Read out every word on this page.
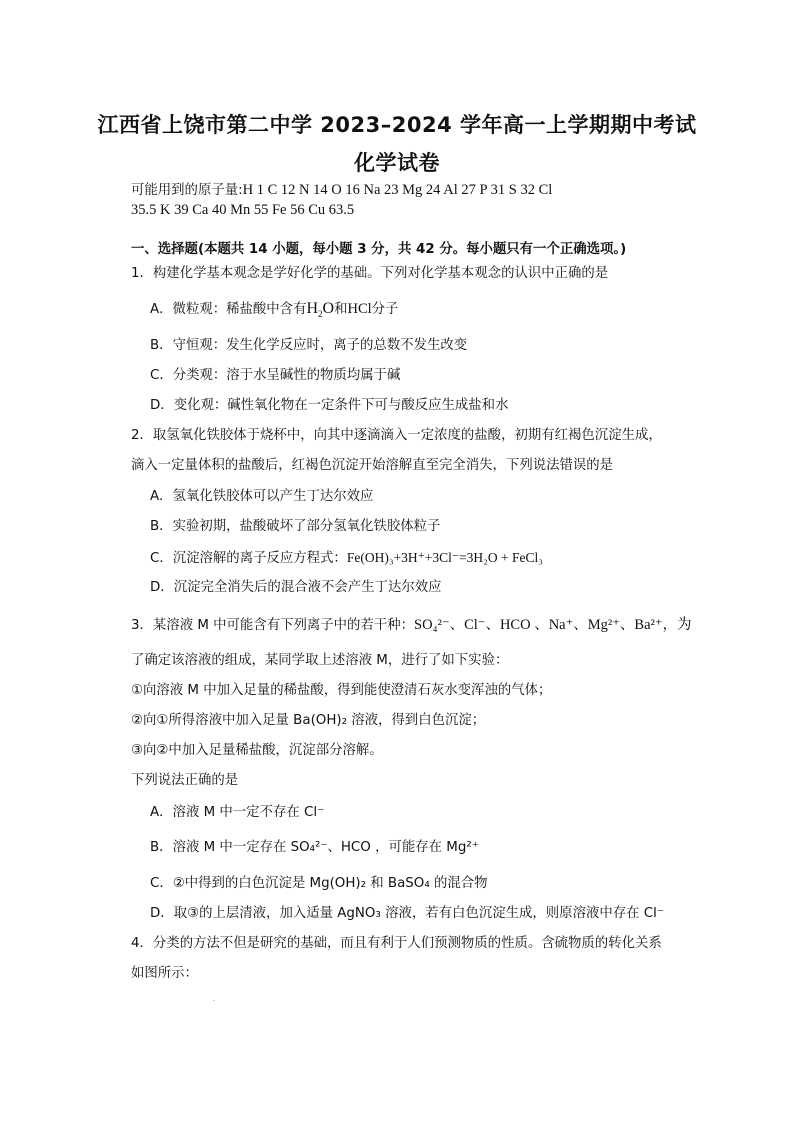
江西省上饶市第二中学 2023–2024 学年高一上学期期中考试
化学试卷
可能用到的原子量:H 1 C 12 N 14 O 16 Na 23 Mg 24 Al 27 P 31 S 32 Cl
35.5 K 39 Ca 40 Mn 55 Fe 56 Cu 63.5
一、选择题(本题共 14 小题，每小题 3 分，共 42 分。每小题只有一个正确选项。)
1．构建化学基本观念是学好化学的基础。下列对化学基本观念的认识中正确的是
A．微粒观：稀盐酸中含有$H_2O$和HCl分子
B．守恒观：发生化学反应时，离子的总数不发生改变
C．分类观：溶于水呈碱性的物质均属于碱
D．变化观：碱性氧化物在一定条件下可与酸反应生成盐和水
2．取氢氧化铁胶体于烧杯中，向其中逐滴滴入一定浓度的盐酸，初期有红褐色沉淀生成，
滴入一定量体积的盐酸后，红褐色沉淀开始溶解直至完全消失，下列说法错误的是
A．氢氧化铁胶体可以产生丁达尔效应
B．实验初期，盐酸破坏了部分氢氧化铁胶体粒子
C．沉淀溶解的离子反应方程式：Fe(OH)₃+3H⁺+3Cl⁻=3H₂O + FeCl₃
D．沉淀完全消失后的混合液不会产生丁达尔效应
3．某溶液 M 中可能含有下列离子中的若干种：SO₄²⁻、Cl⁻、HCO 、Na⁺、Mg²⁺、Ba²⁺，为
了确定该溶液的组成，某同学取上述溶液 M，进行了如下实验：
①向溶液 M 中加入足量的稀盐酸，得到能使澄清石灰水变浑浊的气体；
②向①所得溶液中加入足量 Ba(OH)₂ 溶液，得到白色沉淀；
③向②中加入足量稀盐酸，沉淀部分溶解。
下列说法正确的是
A．溶液 M 中一定不存在 Cl⁻
B．溶液 M 中一定存在 SO₄²⁻、HCO ，可能存在 Mg²⁺
C．②中得到的白色沉淀是 Mg(OH)₂ 和 BaSO₄ 的混合物
D．取③的上层清液，加入适量 AgNO₃ 溶液，若有白色沉淀生成，则原溶液中存在 Cl⁻
4．分类的方法不但是研究的基础，而且有利于人们预测物质的性质。含硫物质的转化关系
如图所示：
